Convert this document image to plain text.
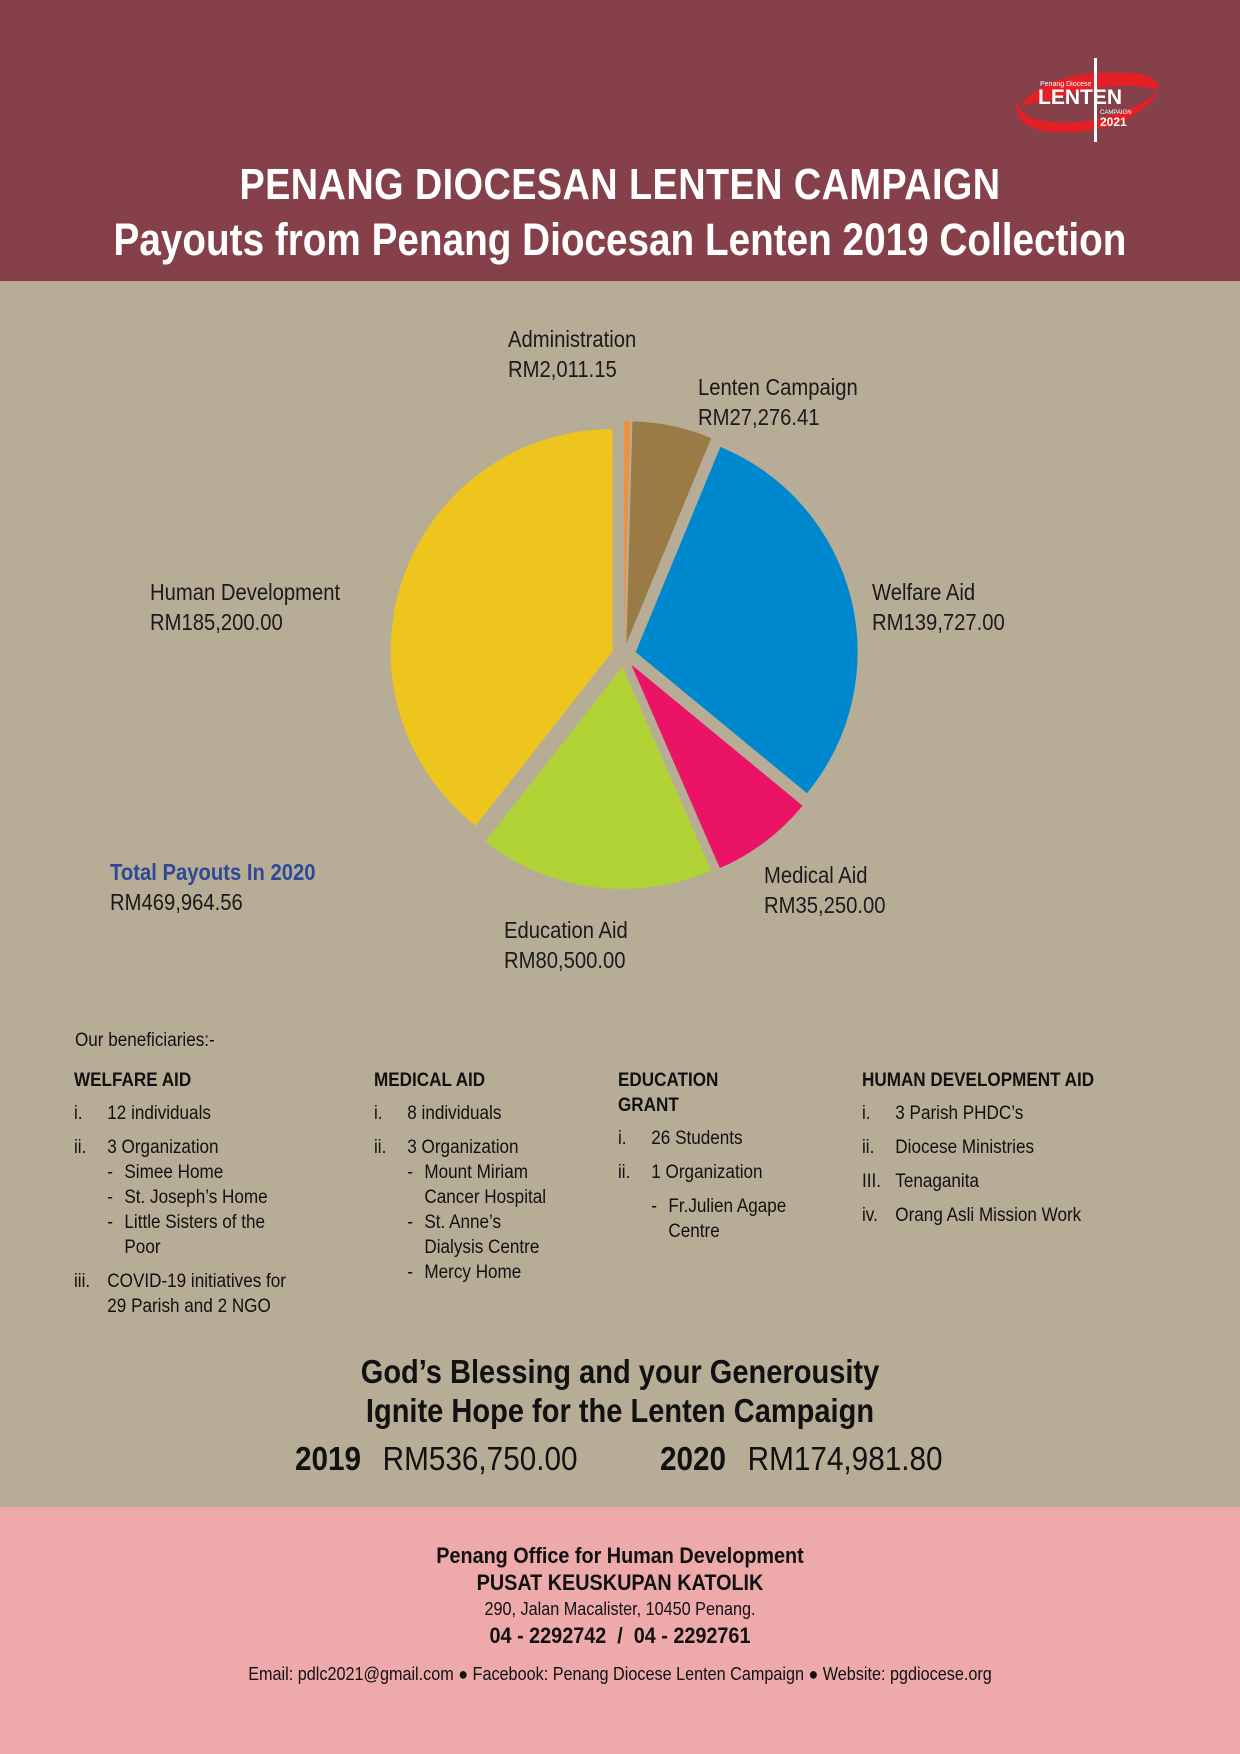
Penang Diocese
LENTEN
CAMPAIGN
2021
PENANG DIOCESAN LENTEN CAMPAIGN
Payouts from Penang Diocesan Lenten 2019 Collection
Administration
RM2,011.15
Lenten Campaign
RM27,276.41
Welfare Aid
RM139,727.00
Medical Aid
RM35,250.00
Education Aid
RM80,500.00
Human Development
RM185,200.00
Total Payouts In 2020
RM469,964.56
Our beneficiaries:-
WELFARE AID
i. 12 individuals
ii. 3 Organization
- Simee Home
- St. Joseph’s Home
- Little Sisters of the
Poor
iii. COVID-19 initiatives for
29 Parish and 2 NGO
MEDICAL AID
i. 8 individuals
ii. 3 Organization
- Mount Miriam
Cancer Hospital
- St. Anne’s
Dialysis Centre
- Mercy Home
EDUCATION
GRANT
i. 26 Students
ii. 1 Organization
- Fr.Julien Agape
Centre
HUMAN DEVELOPMENT AID
i. 3 Parish PHDC’s
ii. Diocese Ministries
III. Tenaganita
iv. Orang Asli Mission Work
God’s Blessing and your Generousity
Ignite Hope for the Lenten Campaign
2019 RM536,750.00 2020 RM174,981.80
Penang Office for Human Development
PUSAT KEUSKUPAN KATOLIK
290, Jalan Macalister, 10450 Penang.
04 - 2292742  /  04 - 2292761
Email: pdlc2021@gmail.com ● Facebook: Penang Diocese Lenten Campaign ● Website: pgdiocese.org
